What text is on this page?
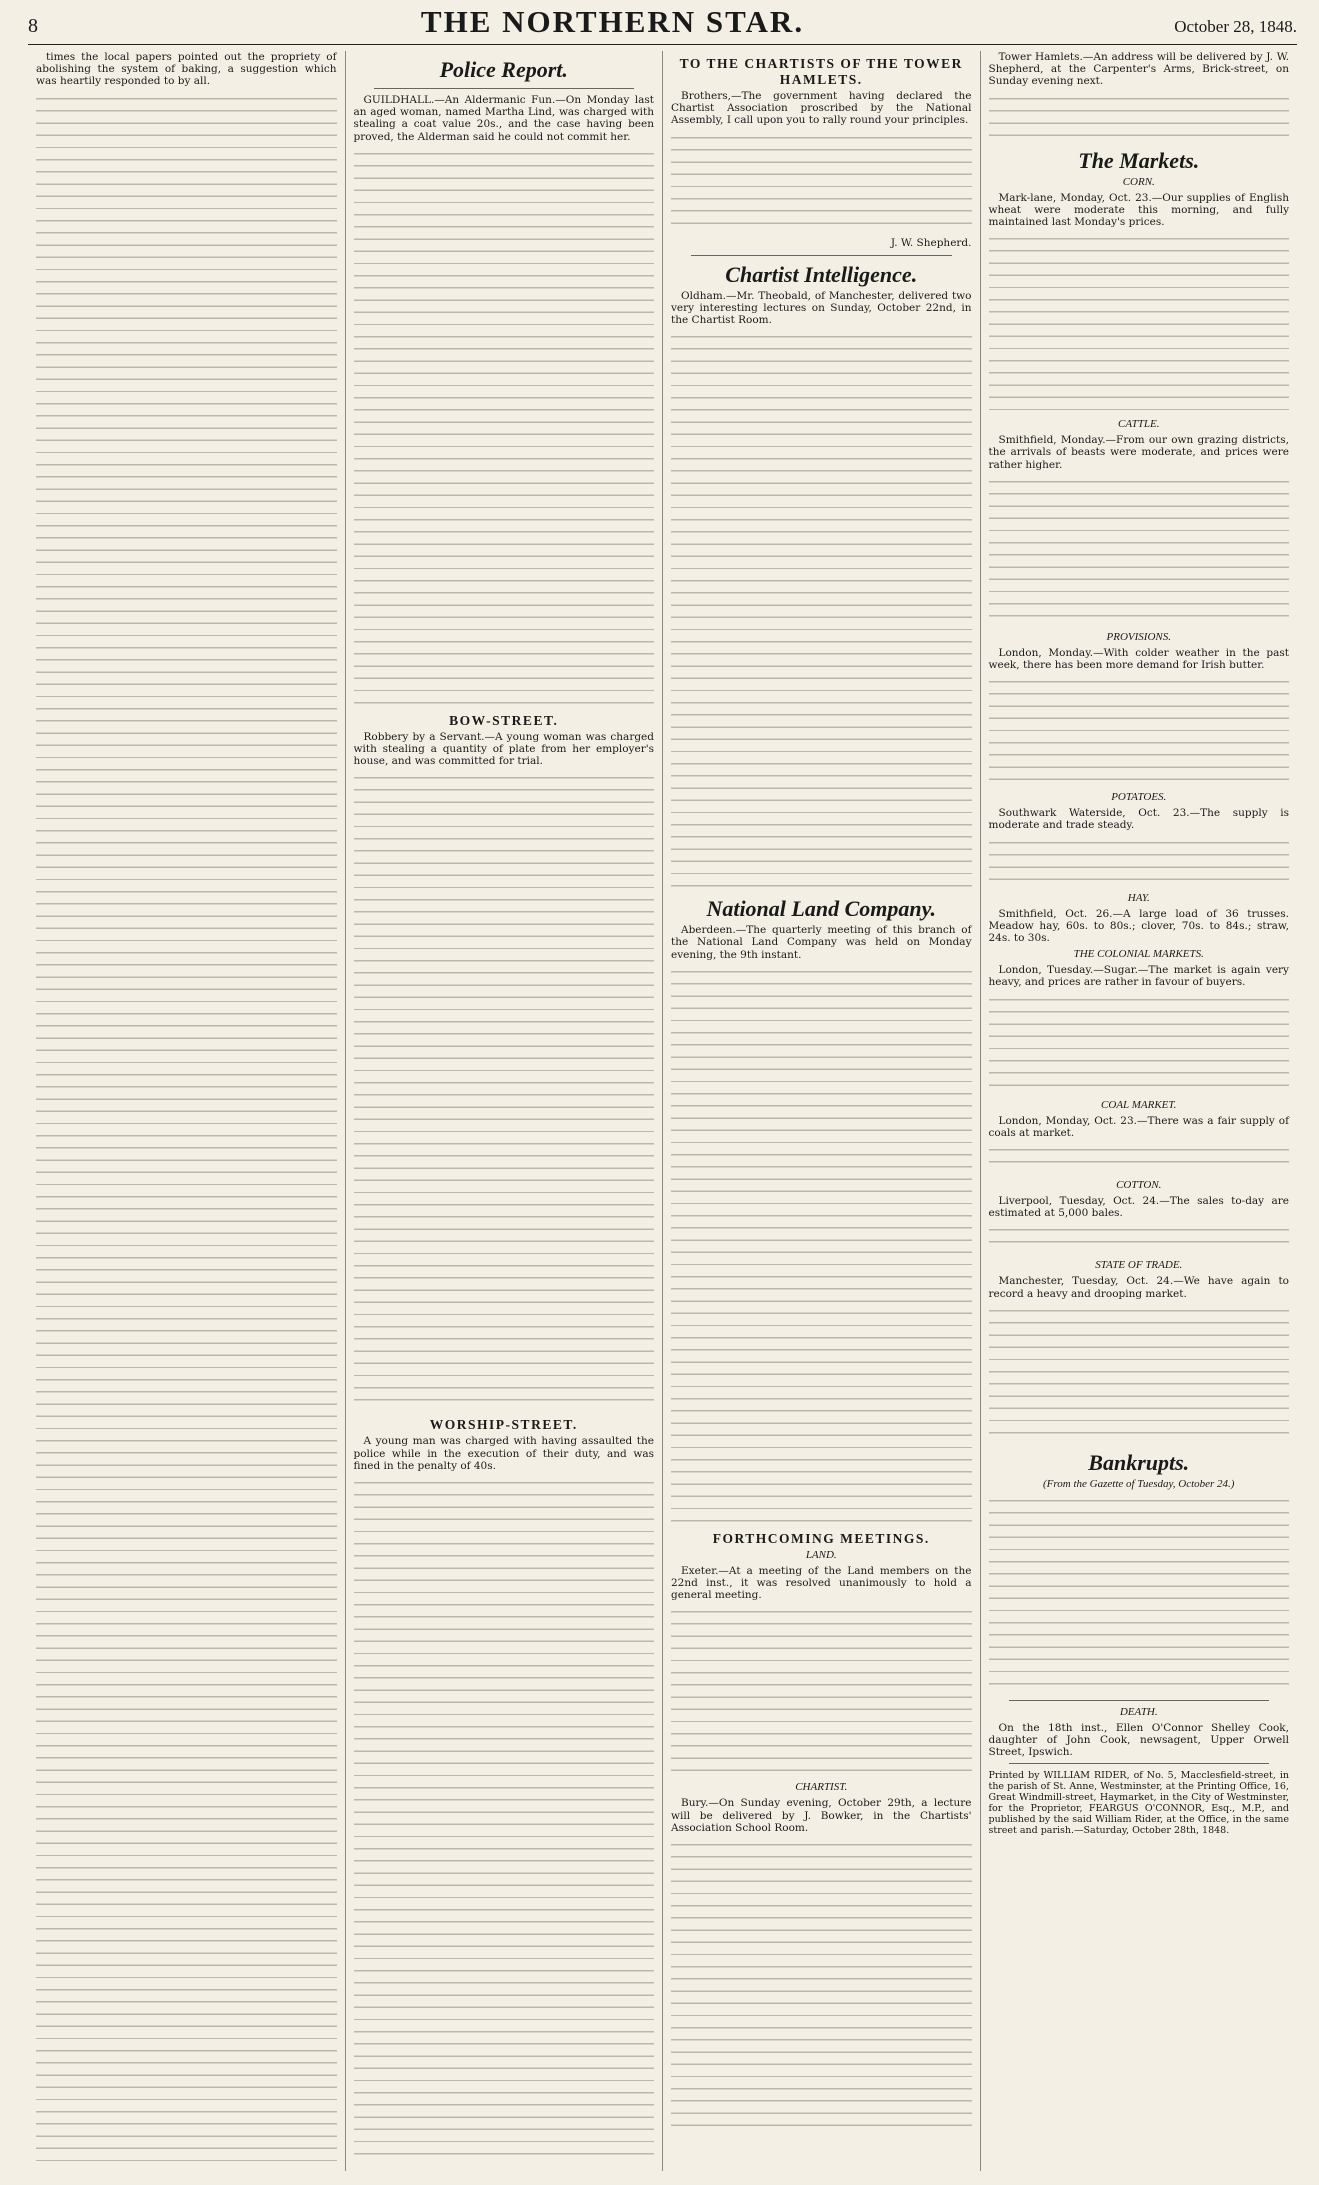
8	THE NORTHERN STAR.	October 28, 1848.

times the local papers pointed out the propriety of abolishing the system of baking, a suggestion which was heartily responded to by all.	Police Report.

GUILDHALL.—An Aldermanic Fun.—On Monday last an aged woman, named Martha Lind, was charged with stealing a coat value 20s., and the case having been proved, the Alderman said he could not commit her.

BOW-STREET.

Robbery by a Servant.—A young woman was charged with stealing a quantity of plate from her employer's house, and was committed for trial.

WORSHIP-STREET.

A young man was charged with having assaulted the police while in the execution of their duty, and was fined in the penalty of 40s.

TO THE CHARTISTS OF THE TOWER HAMLETS.

Brothers,—The government having declared the Chartist Association proscribed by the National Assembly, I call upon you to rally round your principles.

J. W. Shepherd.
Chartist Intelligence.

Oldham.—Mr. Theobald, of Manchester, delivered two very interesting lectures on Sunday, October 22nd, in the Chartist Room.

National Land Company.

Aberdeen.—The quarterly meeting of this branch of the National Land Company was held on Monday evening, the 9th instant.

FORTHCOMING MEETINGS.
LAND.

Exeter.—At a meeting of the Land members on the 22nd inst., it was resolved unanimously to hold a general meeting.

CHARTIST.

Bury.—On Sunday evening, October 29th, a lecture will be delivered by J. Bowker, in the Chartists' Association School Room.

Tower Hamlets.—An address will be delivered by J. W. Shepherd, at the Carpenter's Arms, Brick-street, on Sunday evening next.

The Markets.
CORN.

Mark-lane, Monday, Oct. 23.—Our supplies of English wheat were moderate this morning, and fully maintained last Monday's prices.

CATTLE.

Smithfield, Monday.—From our own grazing districts, the arrivals of beasts were moderate, and prices were rather higher.

PROVISIONS.

London, Monday.—With colder weather in the past week, there has been more demand for Irish butter.

POTATOES.

Southwark Waterside, Oct. 23.—The supply is moderate and trade steady.

HAY.

Smithfield, Oct. 26.—A large load of 36 trusses. Meadow hay, 60s. to 80s.; clover, 70s. to 84s.; straw, 24s. to 30s.

THE COLONIAL MARKETS.

London, Tuesday.—Sugar.—The market is again very heavy, and prices are rather in favour of buyers.

COAL MARKET.

London, Monday, Oct. 23.—There was a fair supply of coals at market.

COTTON.

Liverpool, Tuesday, Oct. 24.—The sales to-day are estimated at 5,000 bales.

STATE OF TRADE.

Manchester, Tuesday, Oct. 24.—We have again to record a heavy and drooping market.

Bankrupts.
(From the Gazette of Tuesday, October 24.)
DEATH.

On the 18th inst., Ellen O'Connor Shelley Cook, daughter of John Cook, newsagent, Upper Orwell Street, Ipswich.

Printed by WILLIAM RIDER, of No. 5, Macclesfield-street, in the parish of St. Anne, Westminster, at the Printing Office, 16, Great Windmill-street, Haymarket, in the City of Westminster, for the Proprietor, FEARGUS O'CONNOR, Esq., M.P., and published by the said William Rider, at the Office, in the same street and parish.—Saturday, October 28th, 1848.
